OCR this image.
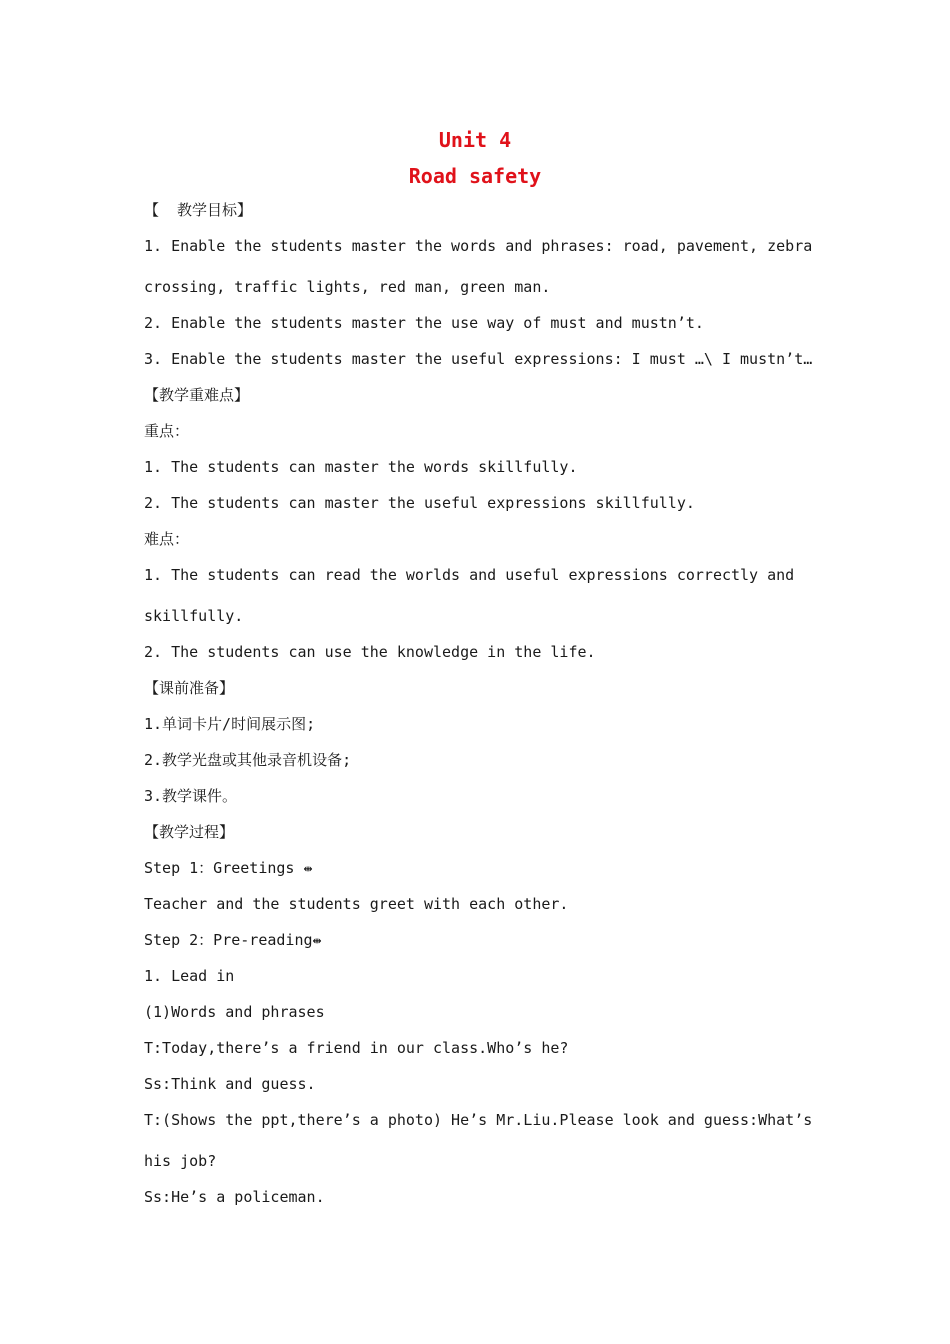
Unit 4
Road safety

【  教学目标】

1. Enable the students master the words and phrases: road, pavement, zebra

crossing, traffic lights, red man, green man.

2. Enable the students master the use way of must and mustn’t.

3. Enable the students master the useful expressions: I must …\ I mustn’t…

【教学重难点】

重点：

1. The students can master the words skillfully.

2. The students can master the useful expressions skillfully.

难点：

1. The students can read the worlds and useful expressions correctly and

skillfully.

2. The students can use the knowledge in the life.

【课前准备】

1.单词卡片/时间展示图;

2.教学光盘或其他录音机设备;

3.教学课件。

【教学过程】

Step 1：Greetings ⇹

Teacher and the students greet with each other.

Step 2：Pre-reading⇹

1. Lead in

(1)Words and phrases

T:Today,there’s a friend in our class.Who’s he?

Ss:Think and guess.

T:(Shows the ppt,there’s a photo) He’s Mr.Liu.Please look and guess:What’s

his job?

Ss:He’s a policeman.
